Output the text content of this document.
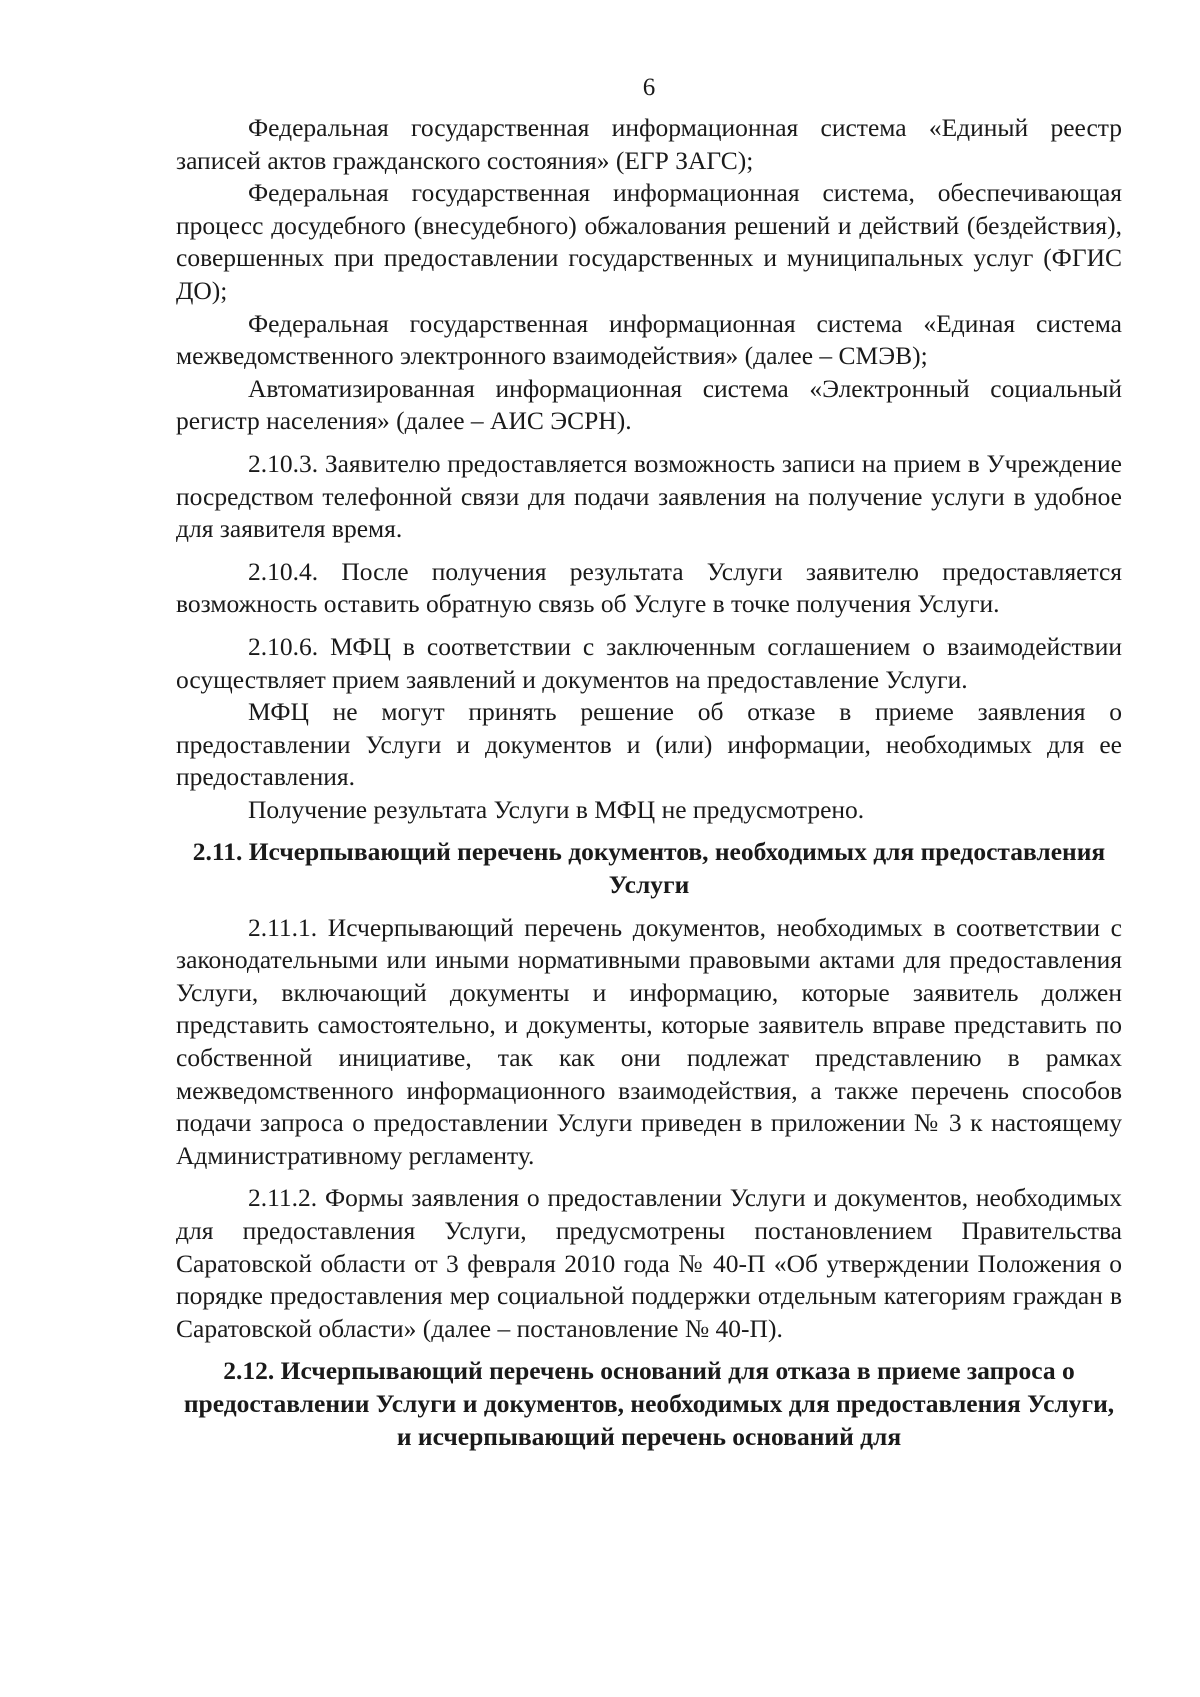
6

Федеральная государственная информационная система «Единый реестр записей актов гражданского состояния» (ЕГР ЗАГС);

Федеральная государственная информационная система, обеспечивающая процесс досудебного (внесудебного) обжалования решений и действий (бездействия), совершенных при предоставлении государственных и муниципальных услуг (ФГИС ДО);

Федеральная государственная информационная система «Единая система межведомственного электронного взаимодействия» (далее – СМЭВ);

Автоматизированная информационная система «Электронный социальный регистр населения» (далее – АИС ЭСРН).

2.10.3. Заявителю предоставляется возможность записи на прием в Учреждение посредством телефонной связи для подачи заявления на получение услуги в удобное для заявителя время.

2.10.4. После получения результата Услуги заявителю предоставляется возможность оставить обратную связь об Услуге в точке получения Услуги.

2.10.6. МФЦ в соответствии с заключенным соглашением о взаимодействии осуществляет прием заявлений и документов на предоставление Услуги.

МФЦ не могут принять решение об отказе в приеме заявления о предоставлении Услуги и документов и (или) информации, необходимых для ее предоставления.

Получение результата Услуги в МФЦ не предусмотрено.

2.11. Исчерпывающий перечень документов, необходимых для предоставления Услуги

2.11.1. Исчерпывающий перечень документов, необходимых в соответствии с законодательными или иными нормативными правовыми актами для предоставления Услуги, включающий документы и информацию, которые заявитель должен представить самостоятельно, и документы, которые заявитель вправе представить по собственной инициативе, так как они подлежат представлению в рамках межведомственного информационного взаимодействия, а также перечень способов подачи запроса о предоставлении Услуги приведен в приложении № 3 к настоящему Административному регламенту.

2.11.2. Формы заявления о предоставлении Услуги и документов, необходимых для предоставления Услуги, предусмотрены постановлением Правительства Саратовской области от 3 февраля 2010 года № 40-П «Об утверждении Положения о порядке предоставления мер социальной поддержки отдельным категориям граждан в Саратовской области» (далее – постановление № 40-П).

2.12. Исчерпывающий перечень оснований для отказа в приеме запроса о предоставлении Услуги и документов, необходимых для предоставления Услуги, и исчерпывающий перечень оснований для
